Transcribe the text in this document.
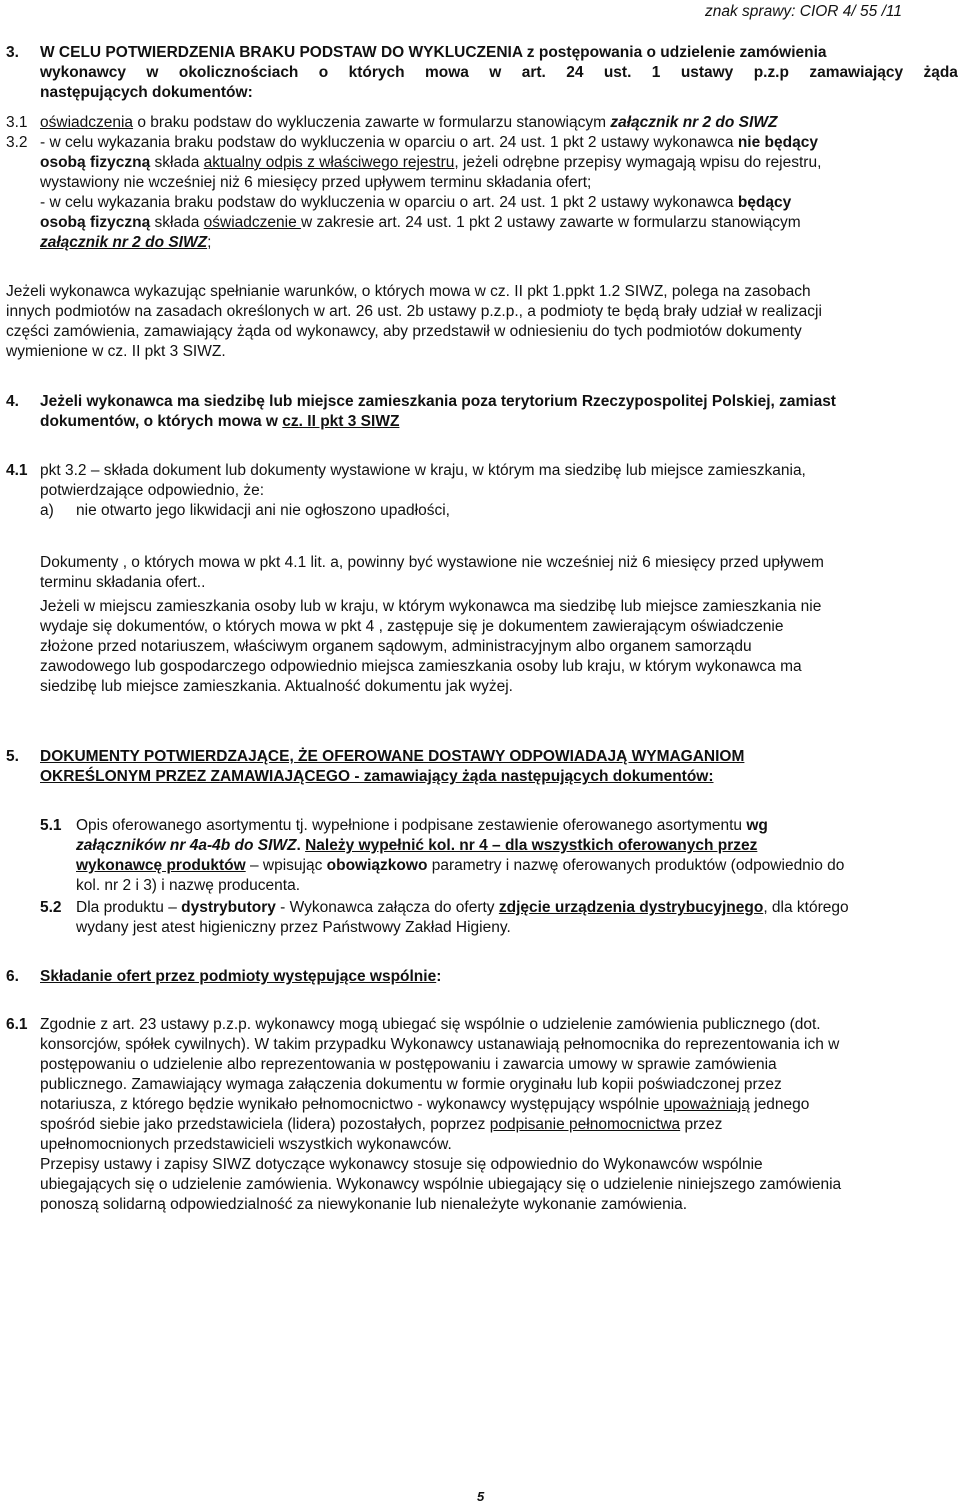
znak sprawy: CIOR 4/ 55 /11
3. W CELU POTWIERDZENIA BRAKU PODSTAW DO WYKLUCZENIA z postępowania o udzielenie zamówienia
wykonawcy w okolicznościach o których mowa w art. 24 ust. 1 ustawy p.z.p zamawiający żąda
następujących dokumentów:
3.1 oświadczenia o braku podstaw do wykluczenia zawarte w formularzu stanowiącym załącznik nr 2 do SIWZ
3.2 - w celu wykazania braku podstaw do wykluczenia w oparciu o art. 24 ust. 1 pkt 2 ustawy wykonawca nie będący
osobą fizyczną składa aktualny odpis z właściwego rejestru, jeżeli odrębne przepisy wymagają wpisu do rejestru,
wystawiony nie wcześniej niż 6 miesięcy przed upływem terminu składania ofert;
- w celu wykazania braku podstaw do wykluczenia w oparciu o art. 24 ust. 1 pkt 2 ustawy wykonawca będący
osobą fizyczną składa oświadczenie w zakresie art. 24 ust. 1 pkt 2 ustawy zawarte w formularzu stanowiącym
załącznik nr 2 do SIWZ;
Jeżeli wykonawca wykazując spełnianie warunków, o których mowa w cz. II pkt 1.ppkt 1.2 SIWZ, polega na zasobach
innych podmiotów na zasadach określonych w art. 26 ust. 2b ustawy p.z.p., a podmioty te będą brały udział w realizacji
części zamówienia, zamawiający żąda od wykonawcy, aby przedstawił w odniesieniu do tych podmiotów dokumenty
wymienione w cz. II pkt 3 SIWZ.
4. Jeżeli wykonawca ma siedzibę lub miejsce zamieszkania poza terytorium Rzeczypospolitej Polskiej, zamiast
dokumentów, o których mowa w cz. II pkt 3 SIWZ
4.1 pkt 3.2 – składa dokument lub dokumenty wystawione w kraju, w którym ma siedzibę lub miejsce zamieszkania,
potwierdzające odpowiednio, że:
a) nie otwarto jego likwidacji ani nie ogłoszono upadłości,
Dokumenty , o których mowa w pkt 4.1 lit. a, powinny być wystawione nie wcześniej niż 6 miesięcy przed upływem
terminu składania ofert..
Jeżeli w miejscu zamieszkania osoby lub w kraju, w którym wykonawca ma siedzibę lub miejsce zamieszkania nie
wydaje się dokumentów, o których mowa w pkt 4 , zastępuje się je dokumentem zawierającym oświadczenie
złożone przed notariuszem, właściwym organem sądowym, administracyjnym albo organem samorządu
zawodowego lub gospodarczego odpowiednio miejsca zamieszkania osoby lub kraju, w którym wykonawca ma
siedzibę lub miejsce zamieszkania. Aktualność dokumentu jak wyżej.
5. DOKUMENTY POTWIERDZAJĄCE, ŻE OFEROWANE DOSTAWY ODPOWIADAJĄ WYMAGANIOM
OKREŚLONYM PRZEZ ZAMAWIAJĄCEGO - zamawiający żąda następujących dokumentów:
5.1 Opis oferowanego asortymentu tj. wypełnione i podpisane zestawienie oferowanego asortymentu wg
załączników nr 4a-4b do SIWZ. Należy wypełnić kol. nr 4 – dla wszystkich oferowanych przez
wykonawcę produktów – wpisując obowiązkowo parametry i nazwę oferowanych produktów (odpowiednio do
kol. nr 2 i 3) i nazwę producenta.
5.2 Dla produktu – dystrybutory - Wykonawca załącza do oferty zdjęcie urządzenia dystrybucyjnego, dla którego
wydany jest atest higieniczny przez Państwowy Zakład Higieny.
6. Składanie ofert przez podmioty występujące wspólnie:
6.1 Zgodnie z art. 23 ustawy p.z.p. wykonawcy mogą ubiegać się wspólnie o udzielenie zamówienia publicznego (dot.
konsorcjów, spółek cywilnych). W takim przypadku Wykonawcy ustanawiają pełnomocnika do reprezentowania ich w
postępowaniu o udzielenie albo reprezentowania w postępowaniu i zawarcia umowy w sprawie zamówienia
publicznego. Zamawiający wymaga załączenia dokumentu w formie oryginału lub kopii poświadczonej przez
notariusza, z którego będzie wynikało pełnomocnictwo - wykonawcy występujący wspólnie upoważniają jednego
spośród siebie jako przedstawiciela (lidera) pozostałych, poprzez podpisanie pełnomocnictwa przez
upełnomocnionych przedstawicieli wszystkich wykonawców.
Przepisy ustawy i zapisy SIWZ dotyczące wykonawcy stosuje się odpowiednio do Wykonawców wspólnie
ubiegających się o udzielenie zamówienia. Wykonawcy wspólnie ubiegający się o udzielenie niniejszego zamówienia
ponoszą solidarną odpowiedzialność za niewykonanie lub nienależyte wykonanie zamówienia.
5
